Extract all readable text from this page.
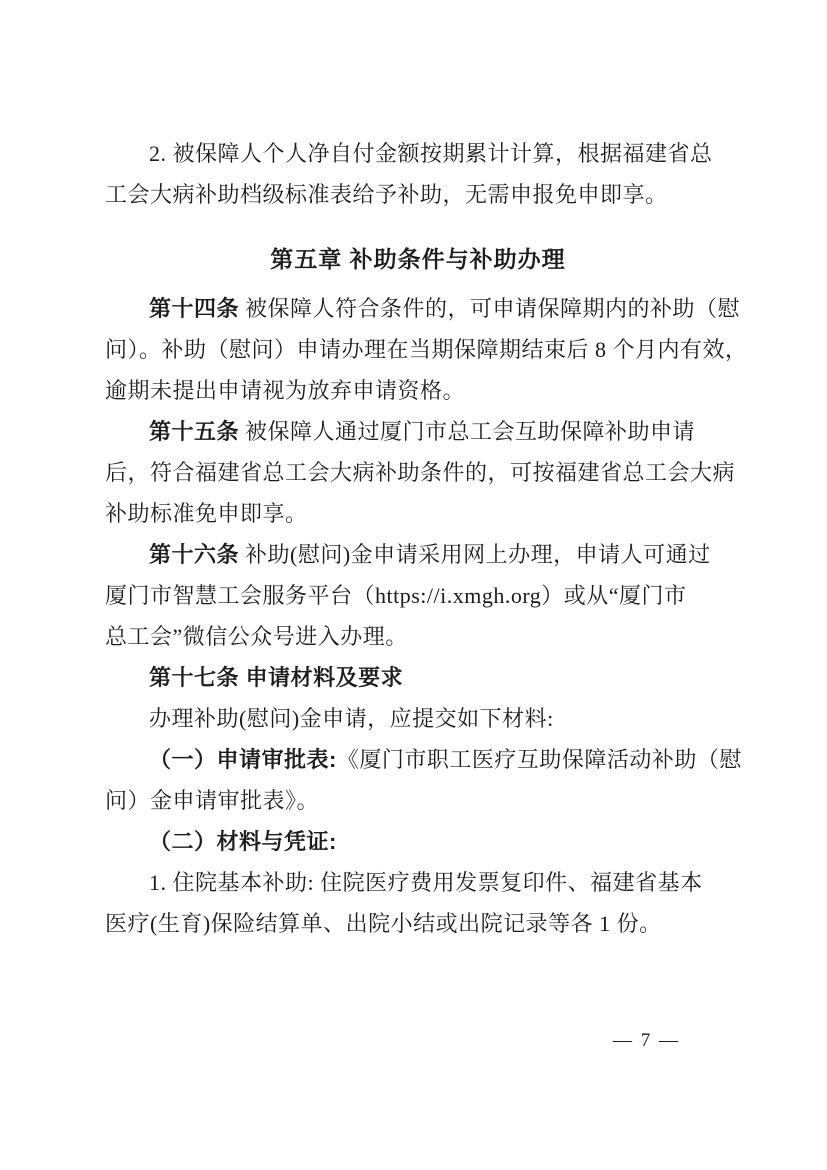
2. 被保障人个人净自付金额按期累计计算，根据福建省总
工会大病补助档级标准表给予补助，无需申报免申即享。
第五章 补助条件与补助办理
第十四条 被保障人符合条件的，可申请保障期内的补助（慰
问）。补助（慰问）申请办理在当期保障期结束后 8 个月内有效，
逾期未提出申请视为放弃申请资格。
第十五条 被保障人通过厦门市总工会互助保障补助申请
后，符合福建省总工会大病补助条件的，可按福建省总工会大病
补助标准免申即享。
第十六条 补助(慰问)金申请采用网上办理，申请人可通过
厦门市智慧工会服务平台（https://i.xmgh.org）或从“厦门市
总工会”微信公众号进入办理。
第十七条 申请材料及要求
办理补助(慰问)金申请，应提交如下材料:
（一）申请审批表:《厦门市职工医疗互助保障活动补助（慰
问）金申请审批表》。
（二）材料与凭证:
1. 住院基本补助: 住院医疗费用发票复印件、福建省基本
医疗(生育)保险结算单、出院小结或出院记录等各 1 份。
— 7 —
